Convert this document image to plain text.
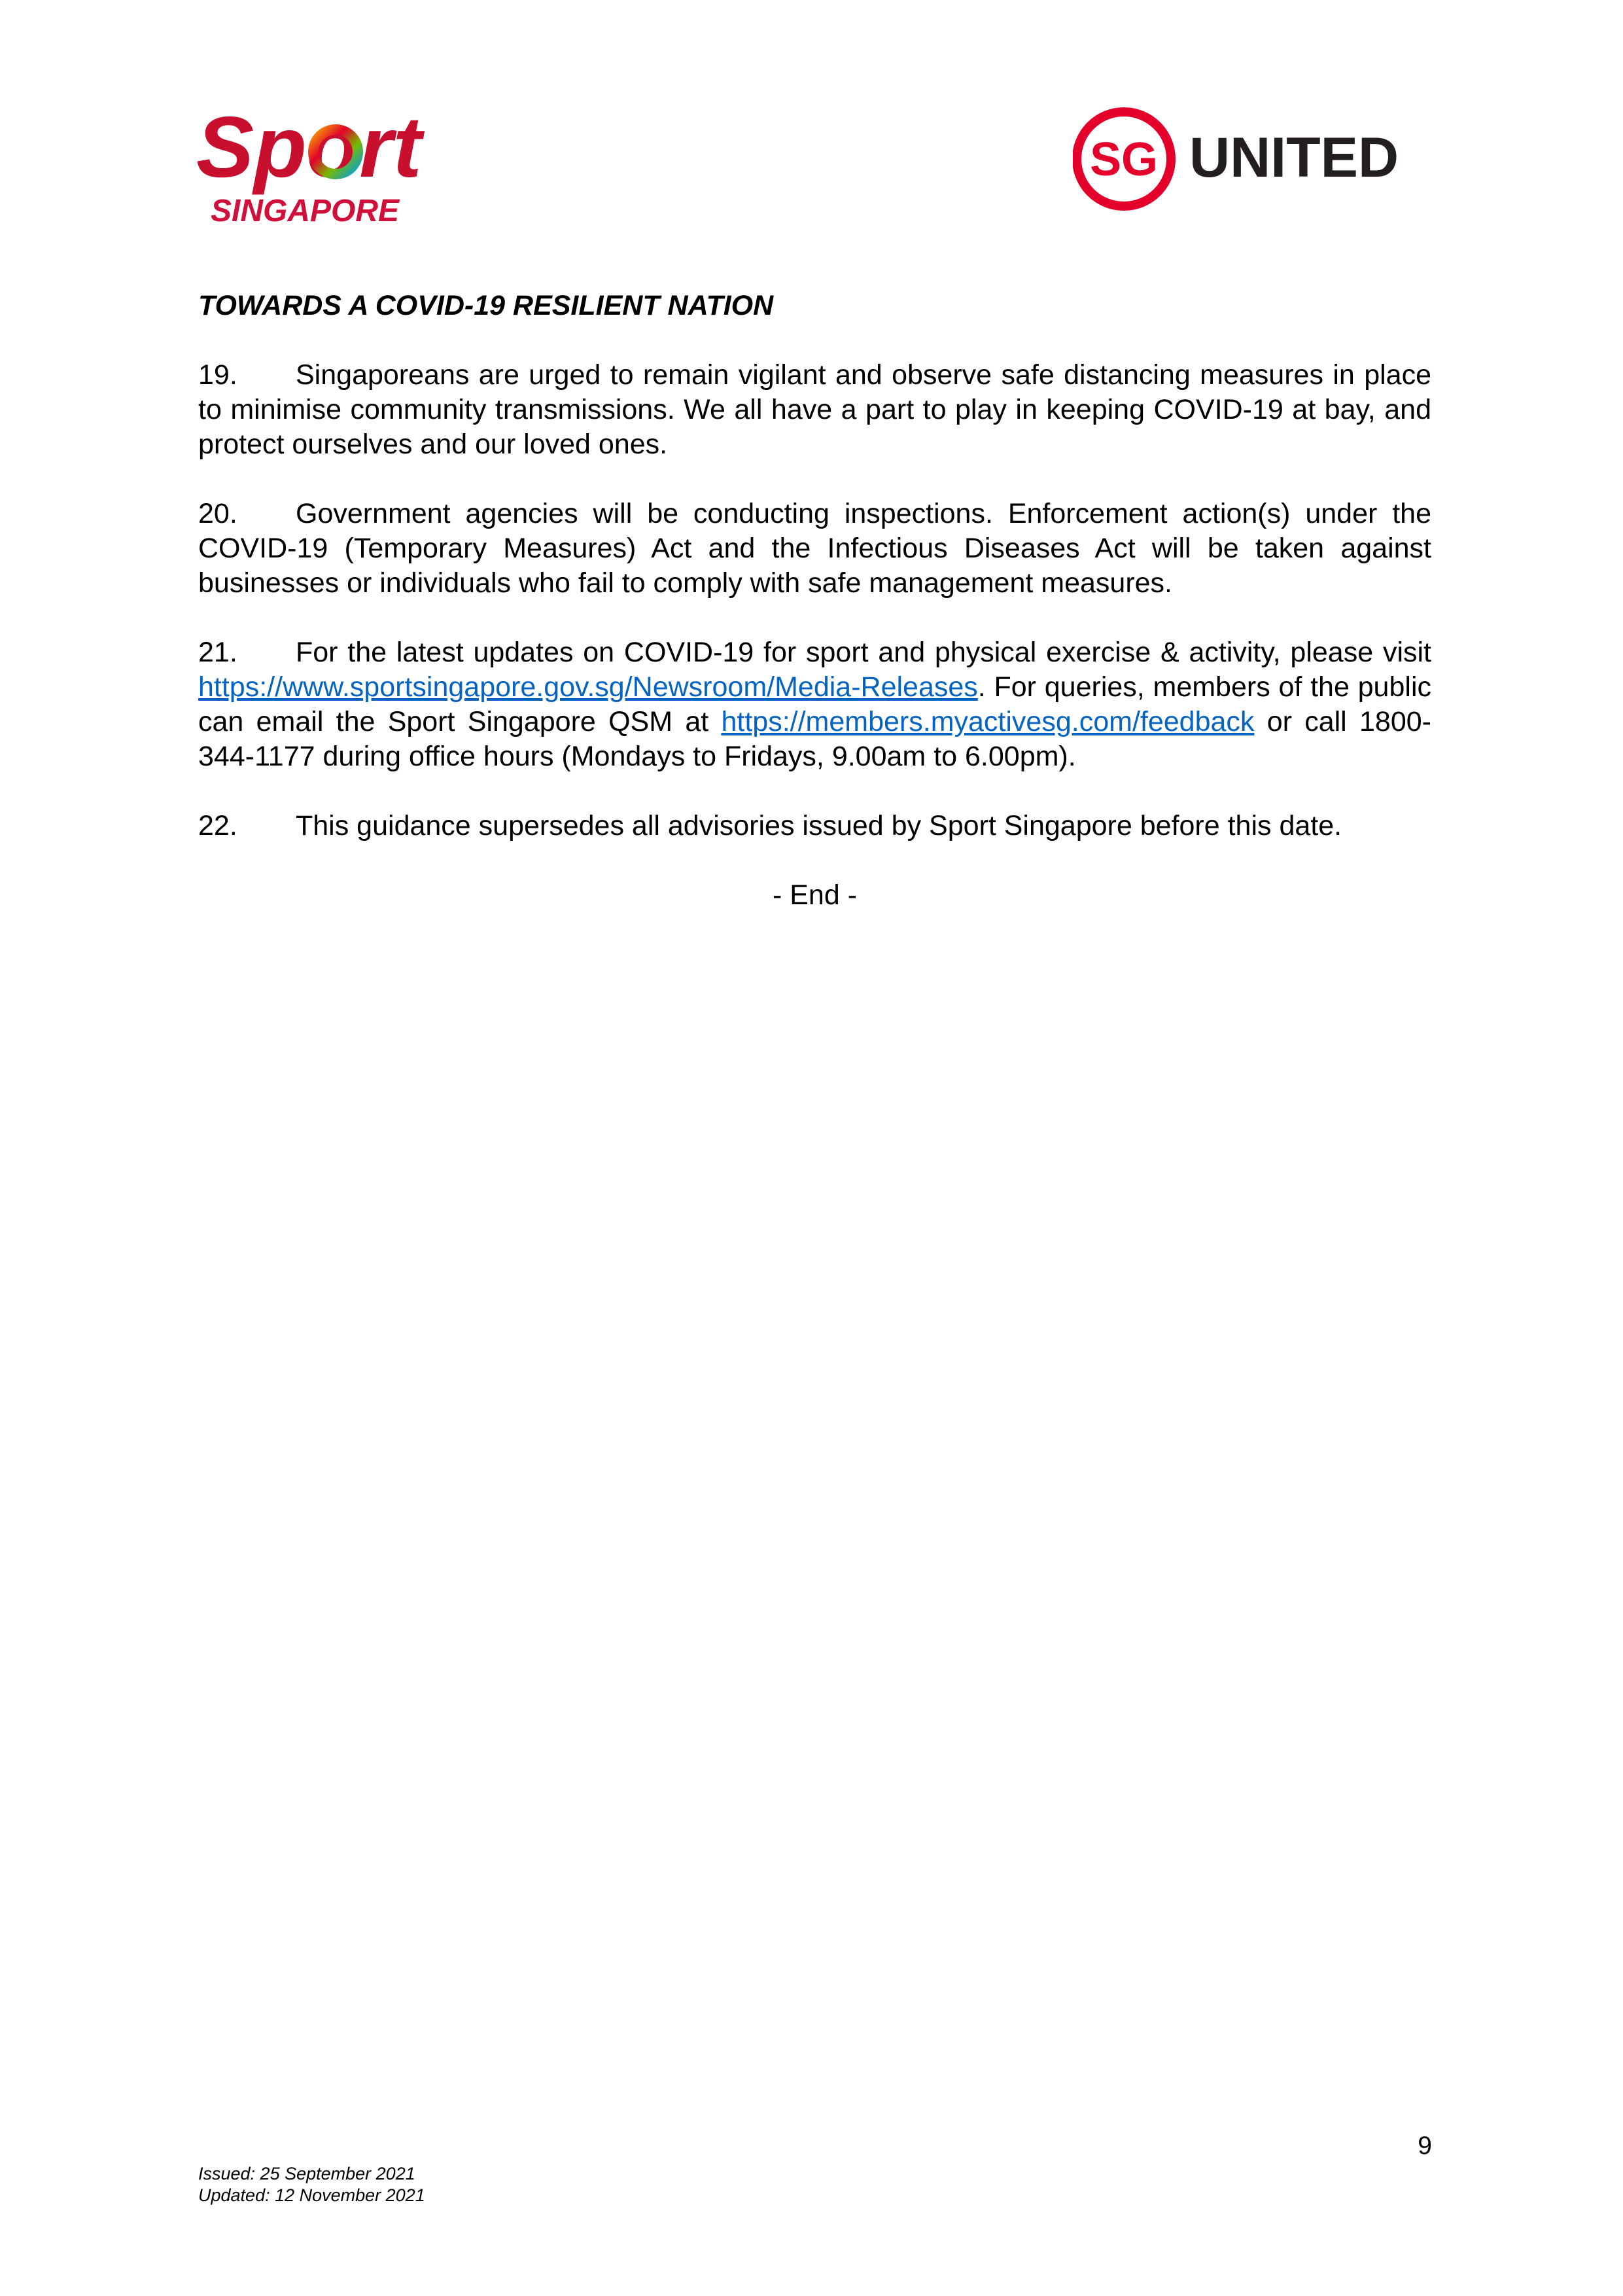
Sport
SINGAPORE
SG UNITED

TOWARDS A COVID-19 RESILIENT NATION

19. Singaporeans are urged to remain vigilant and observe safe distancing measures in place to minimise community transmissions. We all have a part to play in keeping COVID-19 at bay, and protect ourselves and our loved ones.

20. Government agencies will be conducting inspections. Enforcement action(s) under the COVID-19 (Temporary Measures) Act and the Infectious Diseases Act will be taken against businesses or individuals who fail to comply with safe management measures.

21. For the latest updates on COVID-19 for sport and physical exercise & activity, please visit https://www.sportsingapore.gov.sg/Newsroom/Media-Releases. For queries, members of the public can email the Sport Singapore QSM at https://members.myactivesg.com/feedback or call 1800-344-1177 during office hours (Mondays to Fridays, 9.00am to 6.00pm).

22. This guidance supersedes all advisories issued by Sport Singapore before this date.

- End -

9
Issued: 25 September 2021
Updated: 12 November 2021
